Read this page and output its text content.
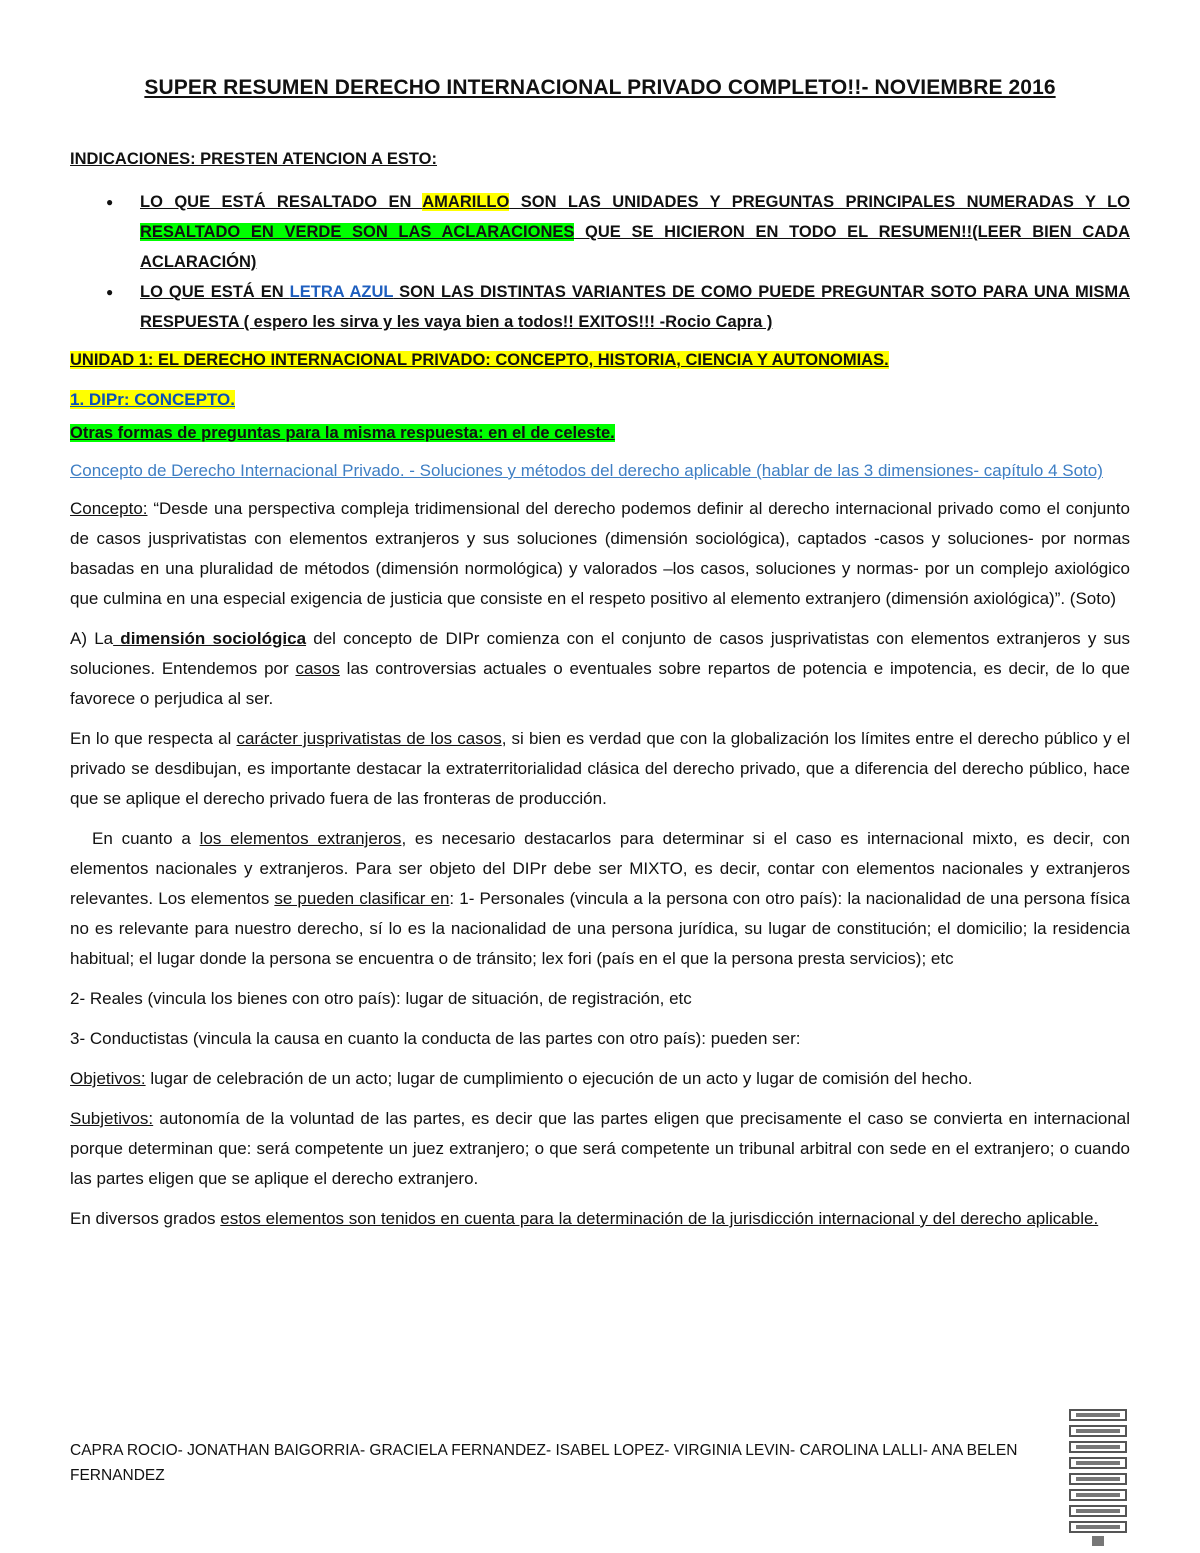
SUPER RESUMEN DERECHO INTERNACIONAL PRIVADO COMPLETO!!- NOVIEMBRE 2016
INDICACIONES: PRESTEN ATENCION A ESTO:
● LO QUE ESTÁ RESALTADO EN AMARILLO SON LAS UNIDADES Y PREGUNTAS PRINCIPALES NUMERADAS Y LO RESALTADO EN VERDE SON LAS ACLARACIONES QUE SE HICIERON EN TODO EL RESUMEN!!(LEER BIEN CADA ACLARACIÓN)
● LO QUE ESTÁ EN LETRA AZUL SON LAS DISTINTAS VARIANTES DE COMO PUEDE PREGUNTAR SOTO PARA UNA MISMA RESPUESTA ( espero les sirva y les vaya bien a todos!! EXITOS!!! -Rocio Capra )
UNIDAD 1: EL DERECHO INTERNACIONAL PRIVADO: CONCEPTO, HISTORIA, CIENCIA Y AUTONOMIAS.
1. DIPr: CONCEPTO.
Otras formas de preguntas para la misma respuesta: en el de celeste.
Concepto de Derecho Internacional Privado. - Soluciones y métodos del derecho aplicable (hablar de las 3 dimensiones- capítulo 4 Soto)

Concepto: “Desde una perspectiva compleja tridimensional del derecho podemos definir al derecho internacional privado como el conjunto de casos jusprivatistas con elementos extranjeros y sus soluciones (dimensión sociológica), captados -casos y soluciones- por normas basadas en una pluralidad de métodos (dimensión normológica) y valorados –los casos, soluciones y normas- por un complejo axiológico que culmina en una especial exigencia de justicia que consiste en el respeto positivo al elemento extranjero (dimensión axiológica)”. (Soto)

A) La dimensión sociológica del concepto de DIPr comienza con el conjunto de casos jusprivatistas con elementos extranjeros y sus soluciones. Entendemos por casos las controversias actuales o eventuales sobre repartos de potencia e impotencia, es decir, de lo que favorece o perjudica al ser.

En lo que respecta al carácter jusprivatistas de los casos, si bien es verdad que con la globalización los límites entre el derecho público y el privado se desdibujan, es importante destacar la extraterritorialidad clásica del derecho privado, que a diferencia del derecho público, hace que se aplique el derecho privado fuera de las fronteras de producción.

En cuanto a los elementos extranjeros, es necesario destacarlos para determinar si el caso es internacional mixto, es decir, con elementos nacionales y extranjeros. Para ser objeto del DIPr debe ser MIXTO, es decir, contar con elementos nacionales y extranjeros relevantes. Los elementos se pueden clasificar en: 1- Personales (vincula a la persona con otro país): la nacionalidad de una persona física no es relevante para nuestro derecho, sí lo es la nacionalidad de una persona jurídica, su lugar de constitución; el domicilio; la residencia habitual; el lugar donde la persona se encuentra o de tránsito; lex fori (país en el que la persona presta servicios); etc

2- Reales (vincula los bienes con otro país): lugar de situación, de registración, etc

3- Conductistas (vincula la causa en cuanto la conducta de las partes con otro país): pueden ser:

Objetivos: lugar de celebración de un acto; lugar de cumplimiento o ejecución de un acto y lugar de comisión del hecho.

Subjetivos: autonomía de la voluntad de las partes, es decir que las partes eligen que precisamente el caso se convierta en internacional porque determinan que: será competente un juez extranjero; o que será competente un tribunal arbitral con sede en el extranjero; o cuando las partes eligen que se aplique el derecho extranjero.

En diversos grados estos elementos son tenidos en cuenta para la determinación de la jurisdicción internacional y del derecho aplicable.

CAPRA ROCIO- JONATHAN BAIGORRIA- GRACIELA FERNANDEZ- ISABEL LOPEZ- VIRGINIA LEVIN- CAROLINA LALLI- ANA BELEN FERNANDEZ
